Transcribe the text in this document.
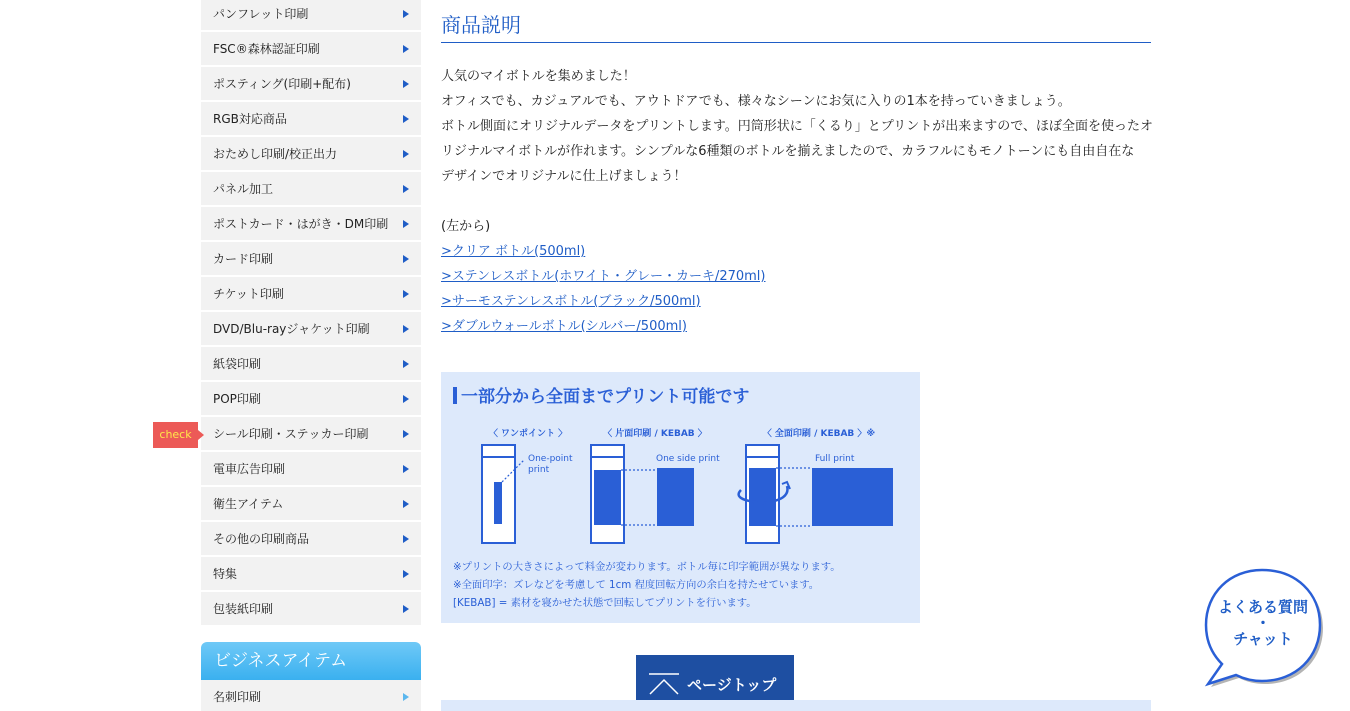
パンフレット印刷
FSC®森林認証印刷
ポスティング(印刷+配布)
RGB対応商品
おためし印刷/校正出力
パネル加工
ポストカード・はがき・DM印刷
カード印刷
チケット印刷
DVD/Blu-rayジャケット印刷
紙袋印刷
POP印刷
シール印刷・ステッカー印刷
電車広告印刷
衛生アイテム
その他の印刷商品
特集
包装紙印刷
名刺印刷
check
ビジネスアイテム
商品説明

人気のマイボトルを集めました！

オフィスでも、カジュアルでも、アウトドアでも、様々なシーンにお気に入りの1本を持っていきましょう。

ボトル側面にオリジナルデータをプリントします。円筒形状に「くるり」とプリントが出来ますので、ほぼ全面を使ったオ

リジナルマイボトルが作れます。シンプルな6種類のボトルを揃えましたので、カラフルにもモノトーンにも自由自在な

デザインでオリジナルに仕上げましょう！

(左から)
>クリア ボトル(500ml)
>ステンレスボトル(ホワイト・グレー・カーキ/270ml)
>サーモステンレスボトル(ブラック/500ml)
>ダブルウォールボトル(シルバー/500ml)
一部分から全面までプリント可能です
〈 ワンポイント 〉	〈 片面印刷 / KEBAB 〉	〈 全面印刷 / KEBAB 〉※
One-point
print
One side print	Full print
※プリントの大きさによって料金が変わります。ボトル毎に印字範囲が異なります。
※全面印字：ズレなどを考慮して 1cm 程度回転方向の余白を持たせています。
[KEBAB] = 素材を寝かせた状態で回転してプリントを行います。
ページトップ
よくある質問
・
チャット
